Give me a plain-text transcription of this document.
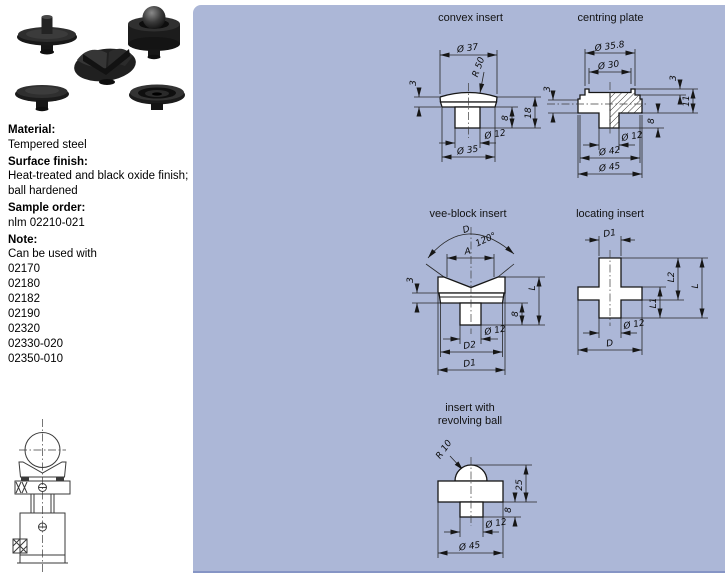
Material:
Tempered steel
Surface finish:
Heat-treated and black oxide finish;
ball hardened
Sample order:
nlm 02210-021
Note:
Can be used with
02170
02180
02182
02190
02320
02330-020
02350-010
convex insert	centring plate
vee-block insert	locating insert
insert with
revolving ball
Ø 37
R 50
3
8 18
Ø 12
Ø 35
Ø 35.8
Ø 30
3
3
11
8
Ø 12
Ø 42
Ø 45
D
120°
A
3
L
8
Ø 12
D2
D1
D1
L2
L
L1
Ø 12
D
R 10
25
8
Ø 12
Ø 45
